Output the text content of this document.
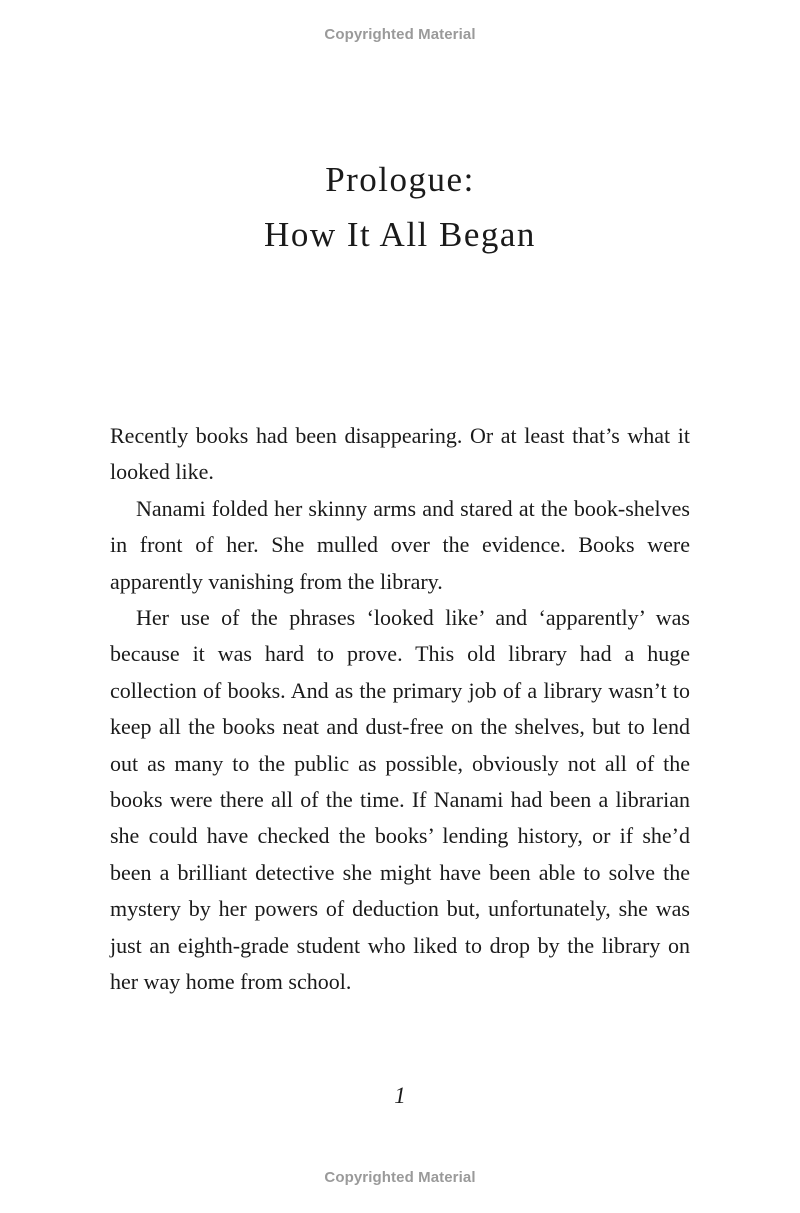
Copyrighted Material
Prologue:
How It All Began

Recently books had been disappearing. Or at least that’s what it looked like.

Nanami folded her skinny arms and stared at the book-shelves in front of her. She mulled over the evidence. Books were apparently vanishing from the library.

Her use of the phrases ‘looked like’ and ‘apparently’ was because it was hard to prove. This old library had a huge collection of books. And as the primary job of a library wasn’t to keep all the books neat and dust-free on the shelves, but to lend out as many to the public as possible, obviously not all of the books were there all of the time. If Nanami had been a librarian she could have checked the books’ lending history, or if she’d been a brilliant detective she might have been able to solve the mystery by her powers of deduction but, unfortunately, she was just an eighth-grade student who liked to drop by the library on her way home from school.

1
Copyrighted Material
